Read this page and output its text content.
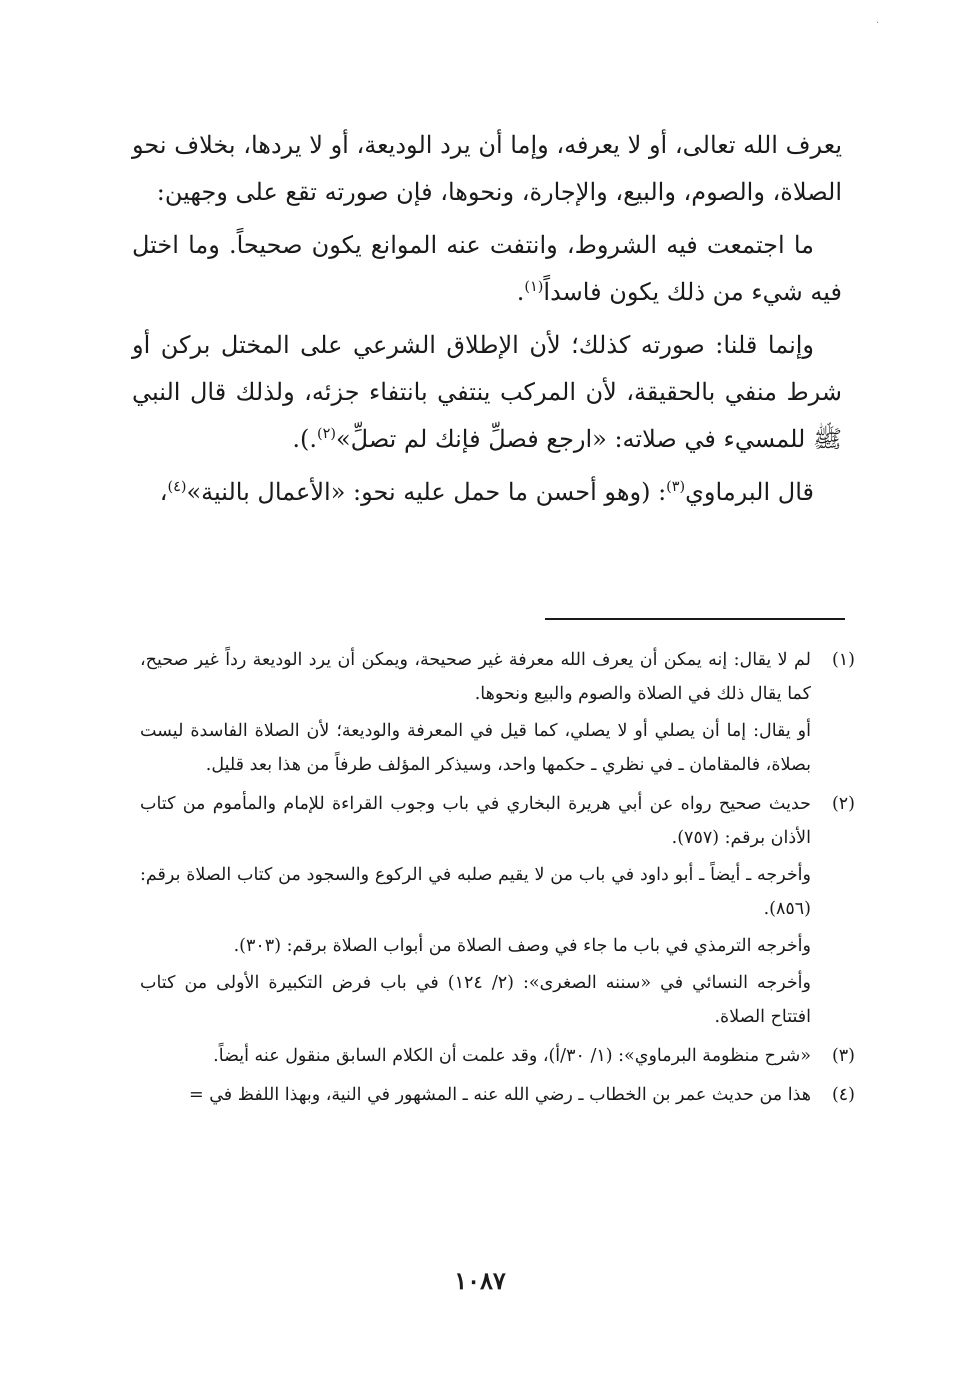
·

يعرف الله تعالى، أو لا يعرفه، وإما أن يرد الوديعة، أو لا يردها، بخلاف نحو الصلاة، والصوم، والبيع، والإجارة، ونحوها، فإن صورته تقع على وجهين:

ما اجتمعت فيه الشروط، وانتفت عنه الموانع يكون صحيحاً. وما اختل فيه شيء من ذلك يكون فاسداً$^{(١)}$.

وإنما قلنا: صورته كذلك؛ لأن الإطلاق الشرعي على المختل بركن أو شرط منفي بالحقيقة، لأن المركب ينتفي بانتفاء جزئه، ولذلك قال النبي ﷺ للمسيء في صلاته: «ارجع فصلِّ فإنك لم تصلِّ»$^{(٢)}$.).

قال البرماوي$^{(٣)}$: (وهو أحسن ما حمل عليه نحو: «الأعمال بالنية»$^{(٤)}$،

(١)

لم لا يقال: إنه يمكن أن يعرف الله معرفة غير صحيحة، ويمكن أن يرد الوديعة رداً غير صحيح، كما يقال ذلك في الصلاة والصوم والبيع ونحوها.

أو يقال: إما أن يصلي أو لا يصلي، كما قيل في المعرفة والوديعة؛ لأن الصلاة الفاسدة ليست بصلاة، فالمقامان ـ في نظري ـ حكمها واحد، وسيذكر المؤلف طرفاً من هذا بعد قليل.

(٢)

حديث صحيح رواه عن أبي هريرة البخاري في باب وجوب القراءة للإمام والمأموم من كتاب الأذان برقم: (٧٥٧).

وأخرجه ـ أيضاً ـ أبو داود في باب من لا يقيم صلبه في الركوع والسجود من كتاب الصلاة برقم: (٨٥٦).

وأخرجه الترمذي في باب ما جاء في وصف الصلاة من أبواب الصلاة برقم: (٣٠٣).

وأخرجه النسائي في «سننه الصغرى»: (٢/ ١٢٤) في باب فرض التكبيرة الأولى من كتاب افتتاح الصلاة.

(٣)

«شرح منظومة البرماوي»: (١/ ٣٠/أ)، وقد علمت أن الكلام السابق منقول عنه أيضاً.

(٤)

هذا من حديث عمر بن الخطاب ـ رضي الله عنه ـ المشهور في النية، وبهذا اللفظ في =

١٠٨٧
